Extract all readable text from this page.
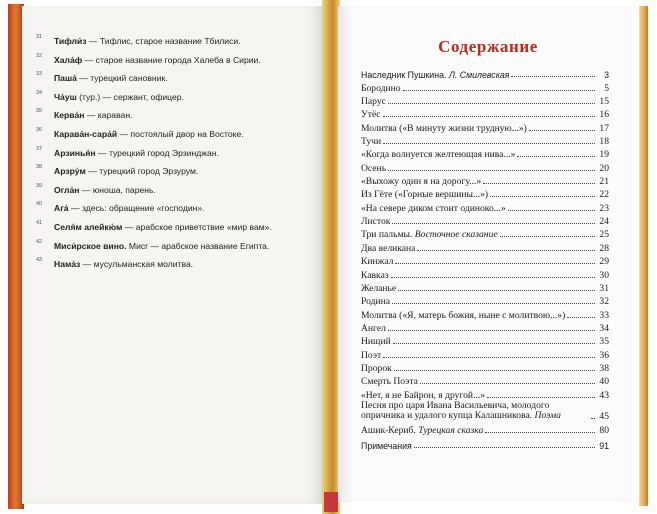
31 Тифли́з — Тифлис, старое название Тбилиси.
32 Хала́ф — старое название города Халеба в Сирии.
33 Паша́ — турецкий сановник.
34 Ча́уш (тур.) — сержант, офицер.
35 Керва́н — караван.
36 Карава́н-сара́й — постоялый двор на Востоке.
37 Арзинья́н — турецкий город Эрзинджан.
38 Арзру́м — турецкий город Эрзурум.
39 Огла́н — юноша, парень.
40 Ага́ — здесь: обращение «господин».
41 Селя́м алейкю́м — арабское приветствие «мир вам».
42 Миси́рское вино. Мисr — арабское название Египта.
43 Нама́з — мусульманская молитва.
Содержание
Наследник Пушкина. Л. Смилевская	3
Бородино	5
Парус	15
Утёс	16
Молитва («В минуту жизни трудную...»)	17
Тучи	18
«Когда волнуется желтеющая нива...»	19
Осень	20
«Выхожу один я на дорогу...»	21
Из Гёте («Горные вершины...»)	22
«На севере диком стоит одиноко...»	23
Листок	24
Три пальмы. Восточное сказание	25
Два великана	28
Кинжал	29
Кавказ	30
Желанье	31
Родина	32
Молитва («Я, матерь божия, ныне с молитвою...»)	33
Ангел	34
Нищий	35
Поэт	36
Пророк	38
Смерть Поэта	40
«Нет, я не Байрон, я другой...»	43
Песня про царя Ивана Васильевича, молодого опричника и удалого купца Калашникова. Поэма	45
Ашик-Кериб. Турецкая сказка	80
Примечания	91
